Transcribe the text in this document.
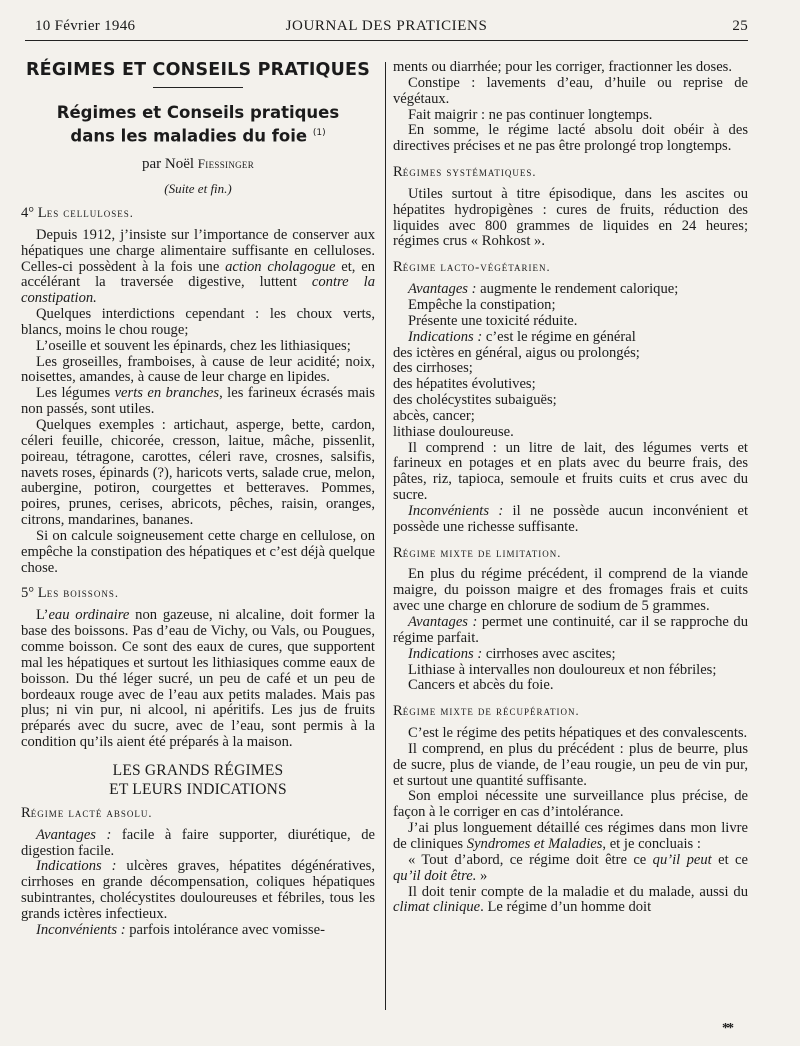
10 Février 1946	JOURNAL DES PRATICIENS	25
RÉGIMES ET CONSEILS PRATIQUES
Régimes et Conseils pratiques
dans les maladies du foie $^{(1)}$

par Noël Fiessinger

(Suite et fin.)

4° Les celluloses.

Depuis 1912, j’insiste sur l’importance de conserver aux hépatiques une charge alimentaire suffisante en celluloses. Celles-ci possèdent à la fois une action cholagogue et, en accélérant la traversée digestive, luttent contre la constipation.

Quelques interdictions cependant : les choux verts, blancs, moins le chou rouge;

L’oseille et souvent les épinards, chez les lithiasiques;

Les groseilles, framboises, à cause de leur acidité; noix, noisettes, amandes, à cause de leur charge en lipides.

Les légumes verts en branches, les farineux écrasés mais non passés, sont utiles.

Quelques exemples : artichaut, asperge, bette, cardon, céleri feuille, chicorée, cresson, laitue, mâche, pissenlit, poireau, tétragone, carottes, céleri rave, crosnes, salsifis, navets roses, épinards (?), haricots verts, salade crue, melon, aubergine, potiron, courgettes et betteraves. Pommes, poires, prunes, cerises, abricots, pêches, raisin, oranges, citrons, mandarines, bananes.

Si on calcule soigneusement cette charge en cellulose, on empêche la constipation des hépatiques et c’est déjà quelque chose.

5° Les boissons.

L’eau ordinaire non gazeuse, ni alcaline, doit former la base des boissons. Pas d’eau de Vichy, ou Vals, ou Pougues, comme boisson. Ce sont des eaux de cures, que supportent mal les hépatiques et surtout les lithiasiques comme eaux de boisson. Du thé léger sucré, un peu de café et un peu de bordeaux rouge avec de l’eau aux petits malades. Mais pas plus; ni vin pur, ni alcool, ni apéritifs. Les jus de fruits préparés avec du sucre, avec de l’eau, sont permis à la condition qu’ils aient été préparés à la maison.

LES GRANDS RÉGIMES
ET LEURS INDICATIONS

Régime lacté absolu.

Avantages : facile à faire supporter, diurétique, de digestion facile.

Indications : ulcères graves, hépatites dégénératives, cirrhoses en grande décompensation, coliques hépatiques subintrantes, cholécystites douloureuses et fébriles, tous les grands ictères infectieux.

Inconvénients : parfois intolérance avec vomisse-

ments ou diarrhée; pour les corriger, fractionner les doses.

Constipe : lavements d’eau, d’huile ou reprise de végétaux.

Fait maigrir : ne pas continuer longtemps.

En somme, le régime lacté absolu doit obéir à des directives précises et ne pas être prolongé trop longtemps.

Régimes systématiques.

Utiles surtout à titre épisodique, dans les ascites ou hépatites hydropigènes : cures de fruits, réduction des liquides avec 800 grammes de liquides en 24 heures; régimes crus « Rohkost ».

Régime lacto-végétarien.

Avantages : augmente le rendement calorique;

Empêche la constipation;

Présente une toxicité réduite.

Indications : c’est le régime en général

des ictères en général, aigus ou prolongés;

des cirrhoses;

des hépatites évolutives;

des cholécystites subaiguës;

abcès, cancer;

lithiase douloureuse.

Il comprend : un litre de lait, des légumes verts et farineux en potages et en plats avec du beurre frais, des pâtes, riz, tapioca, semoule et fruits cuits et crus avec du sucre.

Inconvénients : il ne possède aucun inconvénient et possède une richesse suffisante.

Régime mixte de limitation.

En plus du régime précédent, il comprend de la viande maigre, du poisson maigre et des fromages frais et cuits avec une charge en chlorure de sodium de 5 grammes.

Avantages : permet une continuité, car il se rapproche du régime parfait.

Indications : cirrhoses avec ascites;

Lithiase à intervalles non douloureux et non fébriles;

Cancers et abcès du foie.

Régime mixte de récupération.

C’est le régime des petits hépatiques et des convalescents.

Il comprend, en plus du précédent : plus de beurre, plus de sucre, plus de viande, de l’eau rougie, un peu de vin pur, et surtout une quantité suffisante.

Son emploi nécessite une surveillance plus précise, de façon à le corriger en cas d’intolérance.

J’ai plus longuement détaillé ces régimes dans mon livre de cliniques Syndromes et Maladies, et je concluais :

« Tout d’abord, ce régime doit être ce qu’il peut et ce qu’il doit être. »

Il doit tenir compte de la maladie et du malade, aussi du climat clinique. Le régime d’un homme doit

**
